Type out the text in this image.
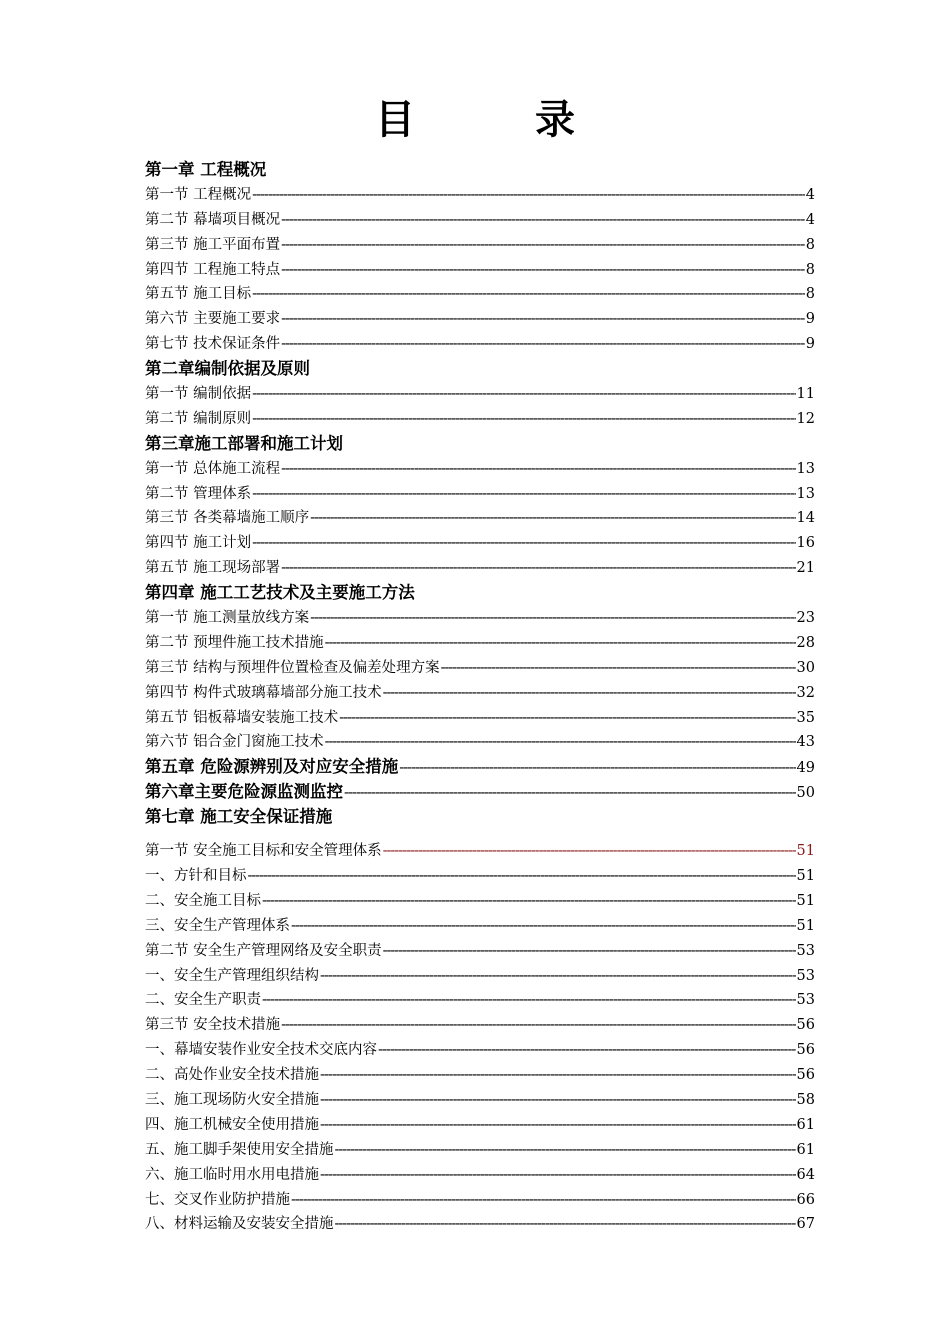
目　录
第一章 工程概况
第一节 工程概况 -----	4
第二节 幕墙项目概况 -----	4
第三节 施工平面布置 -----	8
第四节 工程施工特点 -----	8
第五节 施工目标 -----	8
第六节 主要施工要求 -----	9
第七节 技术保证条件 -----	9
第二章编制依据及原则
第一节 编制依据 -----	11
第二节 编制原则 -----	12
第三章施工部署和施工计划
第一节 总体施工流程 -----	13
第二节 管理体系 -----	13
第三节 各类幕墙施工顺序 -----	14
第四节 施工计划 -----	16
第五节 施工现场部署 -----	21
第四章 施工工艺技术及主要施工方法
第一节 施工测量放线方案 -----	23
第二节 预埋件施工技术措施 -----	28
第三节 结构与预埋件位置检查及偏差处理方案 -----	30
第四节 构件式玻璃幕墙部分施工技术 -----	32
第五节 铝板幕墙安装施工技术 -----	35
第六节 铝合金门窗施工技术 -----	43
第五章 危险源辨别及对应安全措施 -----	49
第六章主要危险源监测监控 -----	50
第七章 施工安全保证措施
第一节 安全施工目标和安全管理体系 -----	51
一、方针和目标 -----	51
二、安全施工目标 -----	51
三、安全生产管理体系 -----	51
第二节 安全生产管理网络及安全职责 -----	53
一、安全生产管理组织结构 -----	53
二、安全生产职责 -----	53
第三节 安全技术措施 -----	56
一、幕墙安装作业安全技术交底内容 -----	56
二、高处作业安全技术措施 -----	56
三、施工现场防火安全措施 -----	58
四、施工机械安全使用措施 -----	61
五、施工脚手架使用安全措施 -----	61
六、施工临时用水用电措施 -----	64
七、交叉作业防护措施 -----	66
八、材料运输及安装安全措施 -----	67
